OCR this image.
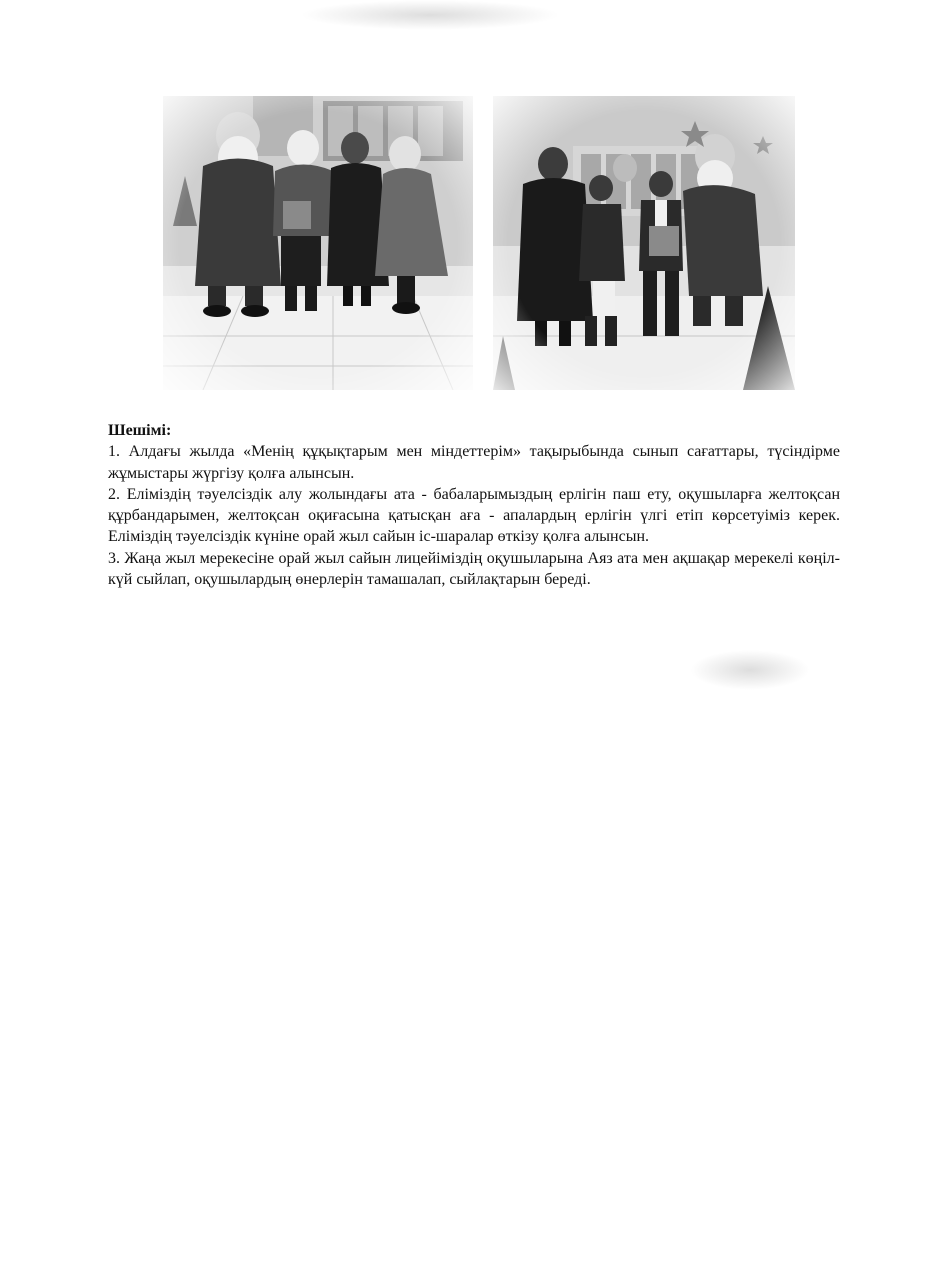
Шешімі:

1. Алдағы жылда «Менің құқықтарым мен міндеттерім» тақырыбында сынып сағаттары, түсіндірме жұмыстары жүргізу қолға алынсын.

2. Еліміздің тәуелсіздік алу жолындағы ата - бабаларымыздың ерлігін паш ету, оқушыларға желтоқсан құрбандарымен, желтоқсан оқиғасына қатысқан аға - апалардың ерлігін үлгі етіп көрсетуіміз керек. Еліміздің тәуелсіздік күніне орай жыл сайын іс-шаралар өткізу қолға алынсын.

3. Жаңа жыл мерекесіне орай жыл сайын лицейіміздің оқушыларына Аяз ата мен ақшақар мерекелі көңіл-күй сыйлап, оқушылардың өнерлерін тамашалап, сыйлақтарын береді.
